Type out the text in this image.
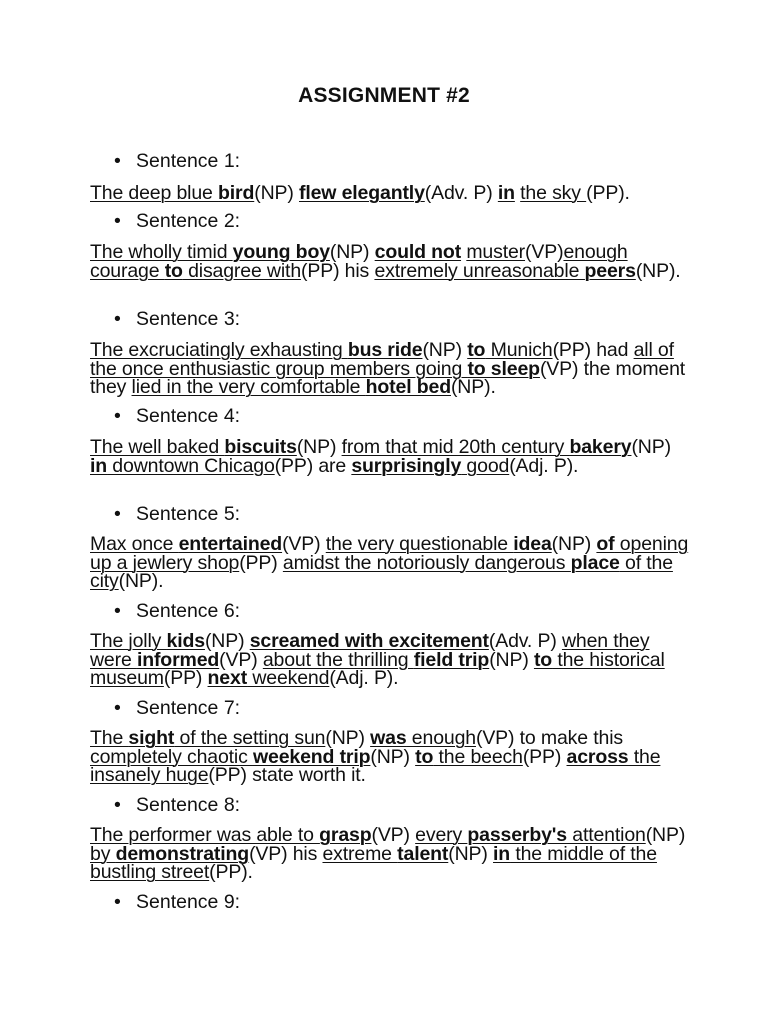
ASSIGNMENT #2
• Sentence 1:
The deep blue bird(NP) flew elegantly(Adv. P) in the sky (PP).
• Sentence 2:
The wholly timid young boy(NP) could not muster(VP)enough courage to disagree with(PP) his extremely unreasonable peers(NP).
• Sentence 3:
The excruciatingly exhausting bus ride(NP) to Munich(PP) had all of the once enthusiastic group members going to sleep(VP) the moment they lied in the very comfortable hotel bed(NP).
• Sentence 4:
The well baked biscuits(NP) from that mid 20th century bakery(NP) in downtown Chicago(PP) are surprisingly good(Adj. P).
• Sentence 5:
Max once entertained(VP) the very questionable idea(NP) of opening up a jewlery shop(PP) amidst the notoriously dangerous place of the city(NP).
• Sentence 6:
The jolly kids(NP) screamed with excitement(Adv. P) when they were informed(VP) about the thrilling field trip(NP) to the historical museum(PP) next weekend(Adj. P).
• Sentence 7:
The sight of the setting sun(NP) was enough(VP) to make this completely chaotic weekend trip(NP) to the beech(PP) across the insanely huge(PP) state worth it.
• Sentence 8:
The performer was able to grasp(VP) every passerby's attention(NP) by demonstrating(VP) his extreme talent(NP) in the middle of the bustling street(PP).
• Sentence 9:
